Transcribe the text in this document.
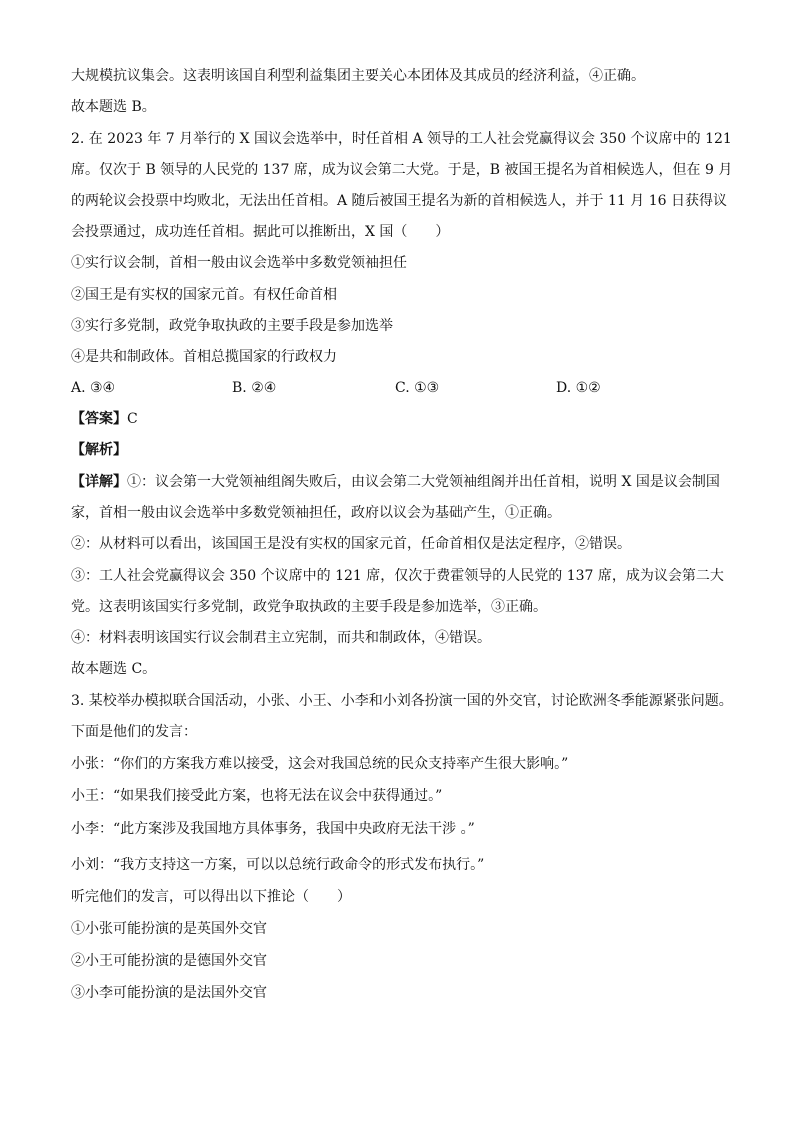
大规模抗议集会。这表明该国自利型利益集团主要关心本团体及其成员的经济利益，④正确。
故本题选 B。
2. 在 2023 年 7 月举行的 X 国议会选举中，时任首相 A 领导的工人社会党赢得议会 350 个议席中的 121
席。仅次于 B 领导的人民党的 137 席，成为议会第二大党。于是，B 被国王提名为首相候选人，但在 9 月
的两轮议会投票中均败北，无法出任首相。A 随后被国王提名为新的首相候选人，并于 11 月 16 日获得议
会投票通过，成功连任首相。据此可以推断出，X 国（　　）
①实行议会制，首相一般由议会选举中多数党领袖担任
②国王是有实权的国家元首。有权任命首相
③实行多党制，政党争取执政的主要手段是参加选举
④是共和制政体。首相总揽国家的行政权力
A. ③④	B. ②④	C. ①③	D. ①②
【答案】C
【解析】
【详解】①：议会第一大党领袖组阁失败后，由议会第二大党领袖组阁并出任首相，说明 X 国是议会制国
家，首相一般由议会选举中多数党领袖担任，政府以议会为基础产生，①正确。
②：从材料可以看出，该国国王是没有实权的国家元首，任命首相仅是法定程序，②错误。
③：工人社会党赢得议会 350 个议席中的 121 席，仅次于费霍领导的人民党的 137 席，成为议会第二大
党。这表明该国实行多党制，政党争取执政的主要手段是参加选举，③正确。
④：材料表明该国实行议会制君主立宪制，而共和制政体，④错误。
故本题选 C。
3. 某校举办模拟联合国活动，小张、小王、小李和小刘各扮演一国的外交官，讨论欧洲冬季能源紧张问题。
下面是他们的发言：
小张：“你们的方案我方难以接受，这会对我国总统的民众支持率产生很大影响。”
小王：“如果我们接受此方案，也将无法在议会中获得通过。”
小李：“此方案涉及我国地方具体事务，我国中央政府无法干涉 。”
小刘：“我方支持这一方案，可以以总统行政命令的形式发布执行。”
听完他们的发言，可以得出以下推论（　　）
①小张可能扮演的是英国外交官
②小王可能扮演的是德国外交官
③小李可能扮演的是法国外交官
